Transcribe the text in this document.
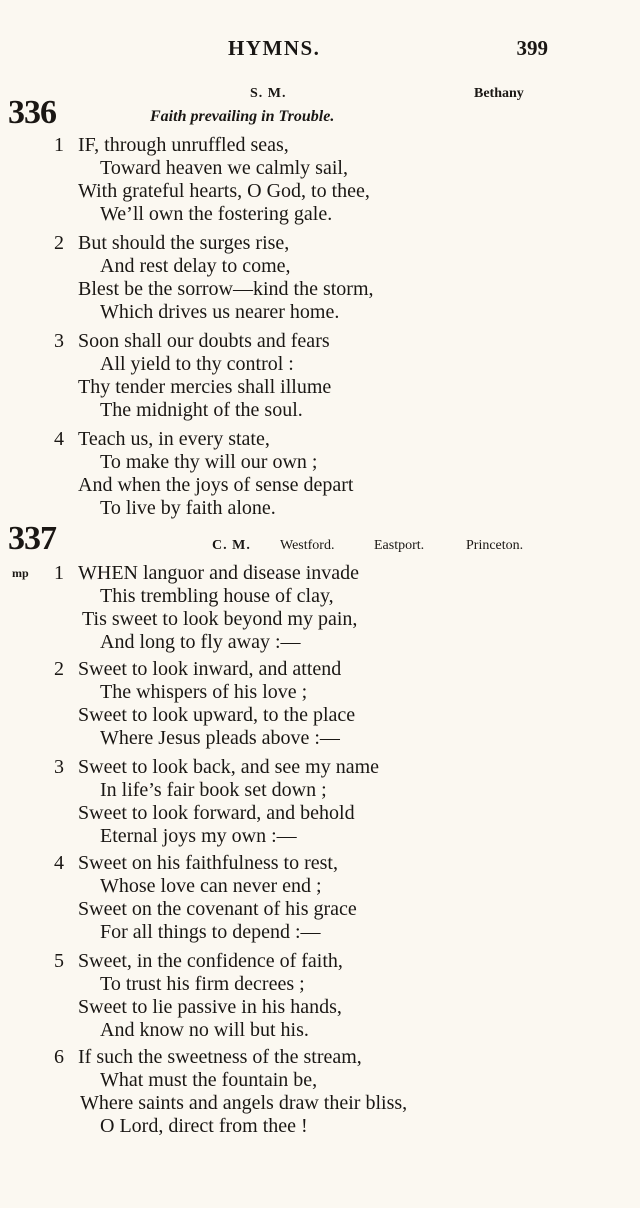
HYMNS.	399
336
S. M.	Bethany
Faith prevailing in Trouble.
1 IF, through unruffled seas,
Toward heaven we calmly sail,
With grateful hearts, O God, to thee,
We’ll own the fostering gale.
2 But should the surges rise,
And rest delay to come,
Blest be the sorrow—kind the storm,
Which drives us nearer home.
3 Soon shall our doubts and fears
All yield to thy control :
Thy tender mercies shall illume
The midnight of the soul.
4 Teach us, in every state,
To make thy will our own ;
And when the joys of sense depart
To live by faith alone.
337	C. M. Westford.	Eastport.	Princeton.
mp 1 WHEN languor and disease invade
This trembling house of clay,
Tis sweet to look beyond my pain,
And long to fly away :—
2 Sweet to look inward, and attend
The whispers of his love ;
Sweet to look upward, to the place
Where Jesus pleads above :—
3 Sweet to look back, and see my name
In life’s fair book set down ;
Sweet to look forward, and behold
Eternal joys my own :—
4 Sweet on his faithfulness to rest,
Whose love can never end ;
Sweet on the covenant of his grace
For all things to depend :—
5 Sweet, in the confidence of faith,
To trust his firm decrees ;
Sweet to lie passive in his hands,
And know no will but his.
6 If such the sweetness of the stream,
What must the fountain be,
Where saints and angels draw their bliss,
O Lord, direct from thee !
